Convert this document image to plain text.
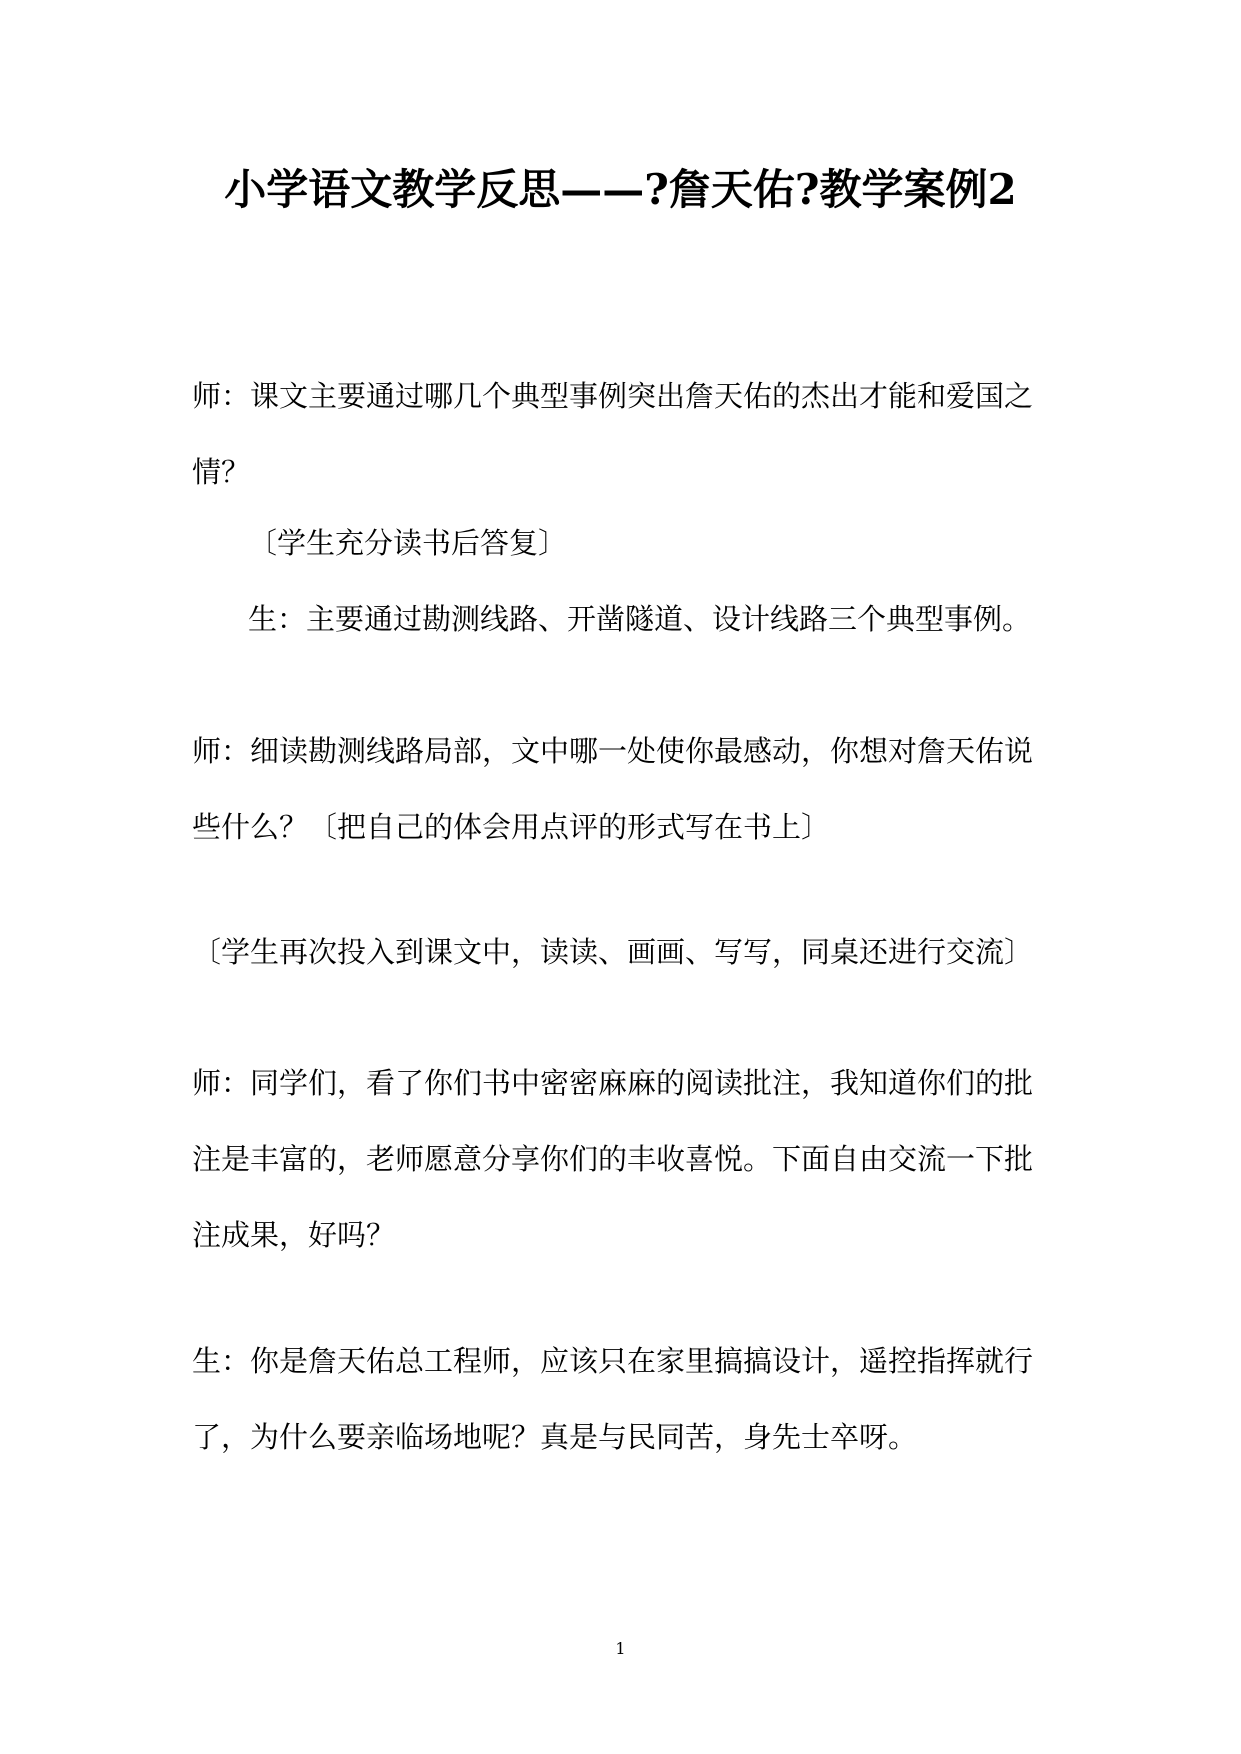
小学语文教学反思——?詹天佑?教学案例2
师：课文主要通过哪几个典型事例突出詹天佑的杰出才能和爱国之
情？
〔学生充分读书后答复〕
生：主要通过勘测线路、开凿隧道、设计线路三个典型事例。
师：细读勘测线路局部，文中哪一处使你最感动，你想对詹天佑说
些什么？〔把自己的体会用点评的形式写在书上〕
〔学生再次投入到课文中，读读、画画、写写，同桌还进行交流〕
师：同学们，看了你们书中密密麻麻的阅读批注，我知道你们的批
注是丰富的，老师愿意分享你们的丰收喜悦。下面自由交流一下批
注成果，好吗？
生：你是詹天佑总工程师，应该只在家里搞搞设计，遥控指挥就行
了，为什么要亲临场地呢？真是与民同苦，身先士卒呀。
1
